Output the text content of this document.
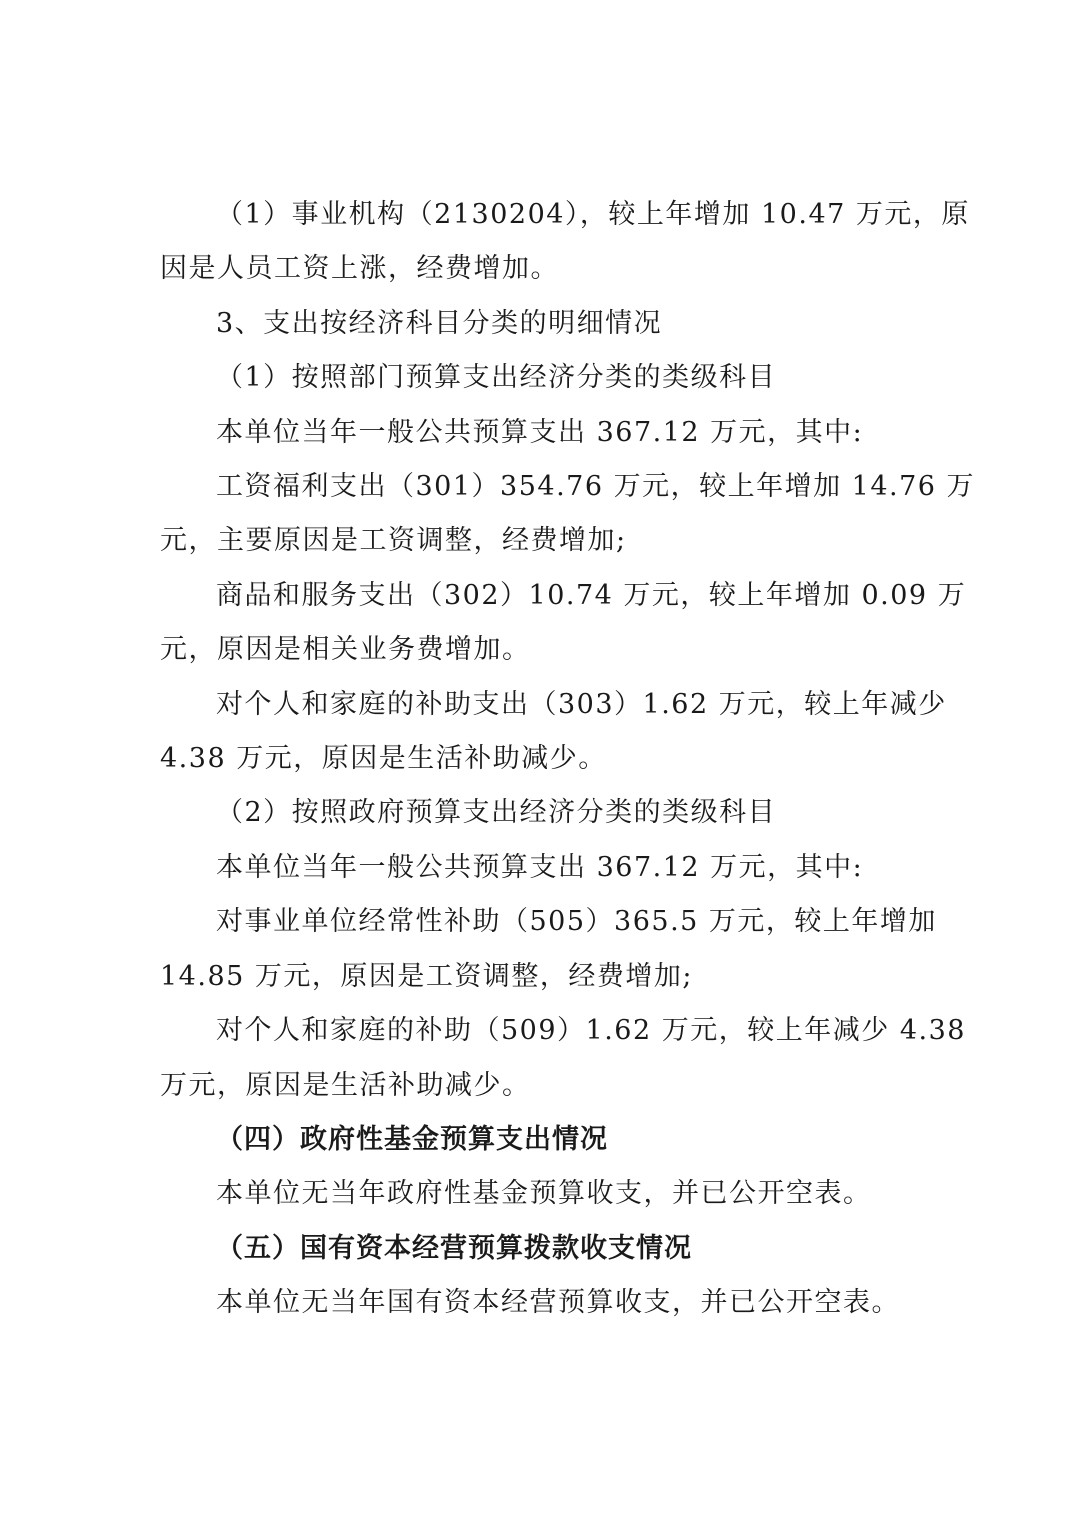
（1）事业机构（2130204），较上年增加 10.47 万元，原
因是人员工资上涨，经费增加。
3、支出按经济科目分类的明细情况
（1）按照部门预算支出经济分类的类级科目
本单位当年一般公共预算支出 367.12 万元，其中:
工资福利支出（301）354.76 万元，较上年增加 14.76 万
元，主要原因是工资调整，经费增加;
商品和服务支出（302）10.74 万元，较上年增加 0.09 万
元，原因是相关业务费增加。
对个人和家庭的补助支出（303）1.62 万元，较上年减少
4.38 万元，原因是生活补助减少。
（2）按照政府预算支出经济分类的类级科目
本单位当年一般公共预算支出 367.12 万元，其中:
对事业单位经常性补助（505）365.5 万元，较上年增加
14.85 万元，原因是工资调整，经费增加;
对个人和家庭的补助（509）1.62 万元，较上年减少 4.38
万元，原因是生活补助减少。
（四）政府性基金预算支出情况
本单位无当年政府性基金预算收支，并已公开空表。
（五）国有资本经营预算拨款收支情况
本单位无当年国有资本经营预算收支，并已公开空表。
